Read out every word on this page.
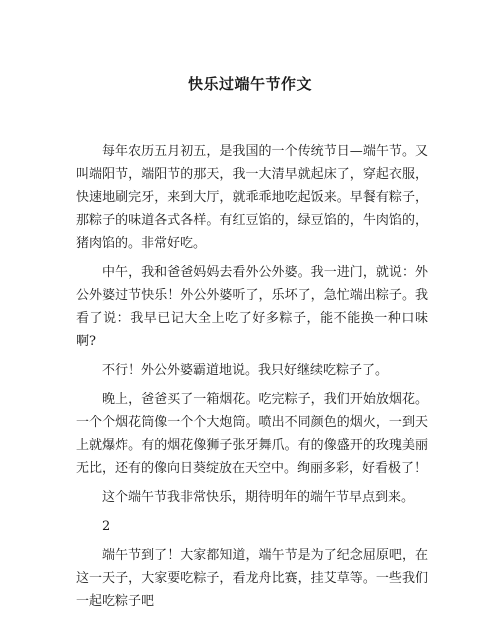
快乐过端午节作文

每年农历五月初五，是我国的一个传统节日—端午节。又叫端阳节，端阳节的那天，我一大清早就起床了，穿起衣服，快速地刷完牙，来到大厅，就乖乖地吃起饭来。早餐有粽子，那粽子的味道各式各样。有红豆馅的，绿豆馅的，牛肉馅的，猪肉馅的。非常好吃。

中午，我和爸爸妈妈去看外公外婆。我一进门，就说：外公外婆过节快乐！外公外婆听了，乐坏了，急忙端出粽子。我看了说：我早已记大全上吃了好多粽子，能不能换一种口味啊?

不行！外公外婆霸道地说。我只好继续吃粽子了。

晚上，爸爸买了一箱烟花。吃完粽子，我们开始放烟花。一个个烟花筒像一个个大炮筒。喷出不同颜色的烟火，一到天上就爆炸。有的烟花像狮子张牙舞爪。有的像盛开的玫瑰美丽无比，还有的像向日葵绽放在天空中。绚丽多彩，好看极了！

这个端午节我非常快乐，期待明年的端午节早点到来。

2

端午节到了！大家都知道，端午节是为了纪念屈原吧，在这一天子，大家要吃粽子，看龙舟比赛，挂艾草等。一些我们一起吃粽子吧
